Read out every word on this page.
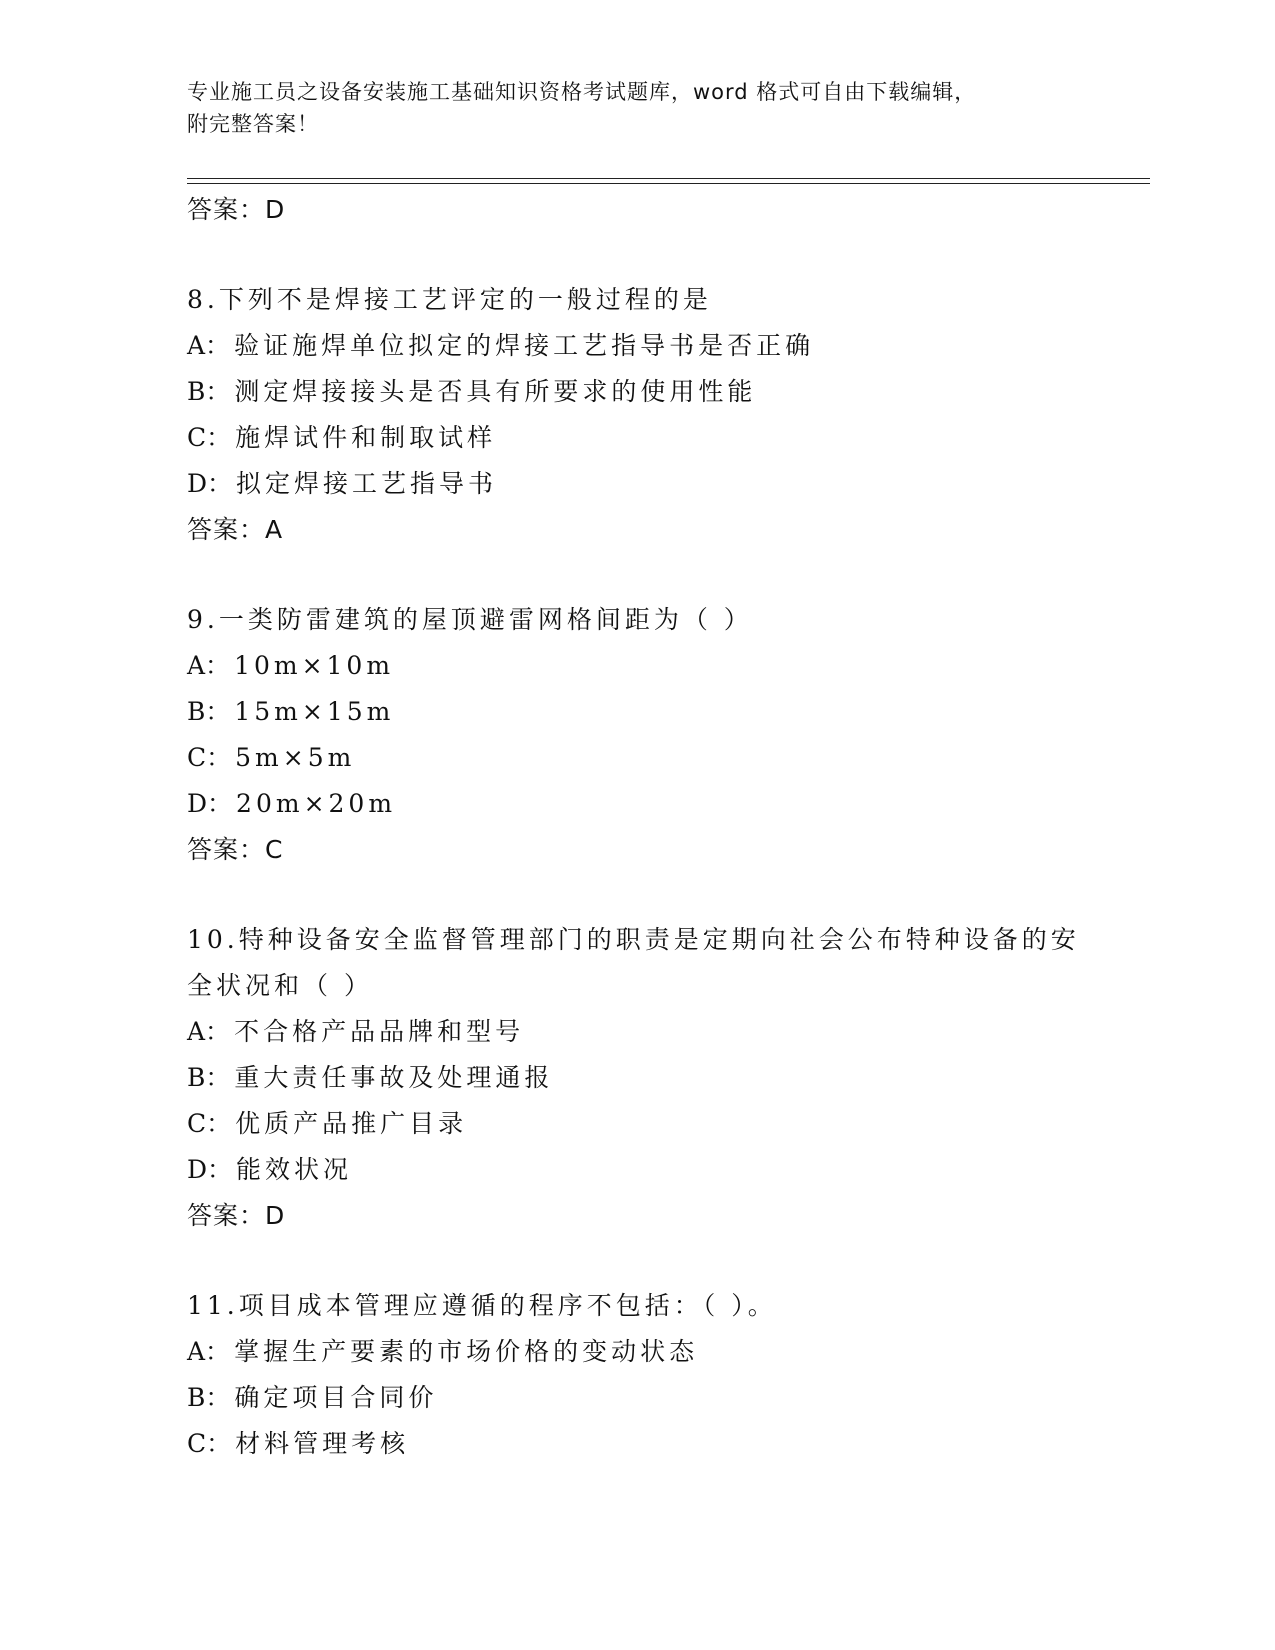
专业施工员之设备安装施工基础知识资格考试题库，word 格式可自由下载编辑，
附完整答案！
答案：D
8.下列不是焊接工艺评定的一般过程的是
A： 验证施焊单位拟定的焊接工艺指导书是否正确
B： 测定焊接接头是否具有所要求的使用性能
C： 施焊试件和制取试样
D： 拟定焊接工艺指导书
答案：A
9.一类防雷建筑的屋顶避雷网格间距为（ ）
A： 10m×10m
B： 15m×15m
C： 5m×5m
D： 20m×20m
答案：C
10.特种设备安全监督管理部门的职责是定期向社会公布特种设备的安全状况和（ ）
A： 不合格产品品牌和型号
B： 重大责任事故及处理通报
C： 优质产品推广目录
D： 能效状况
答案：D
11.项目成本管理应遵循的程序不包括：（ ）。
A： 掌握生产要素的市场价格的变动状态
B： 确定项目合同价
C： 材料管理考核
